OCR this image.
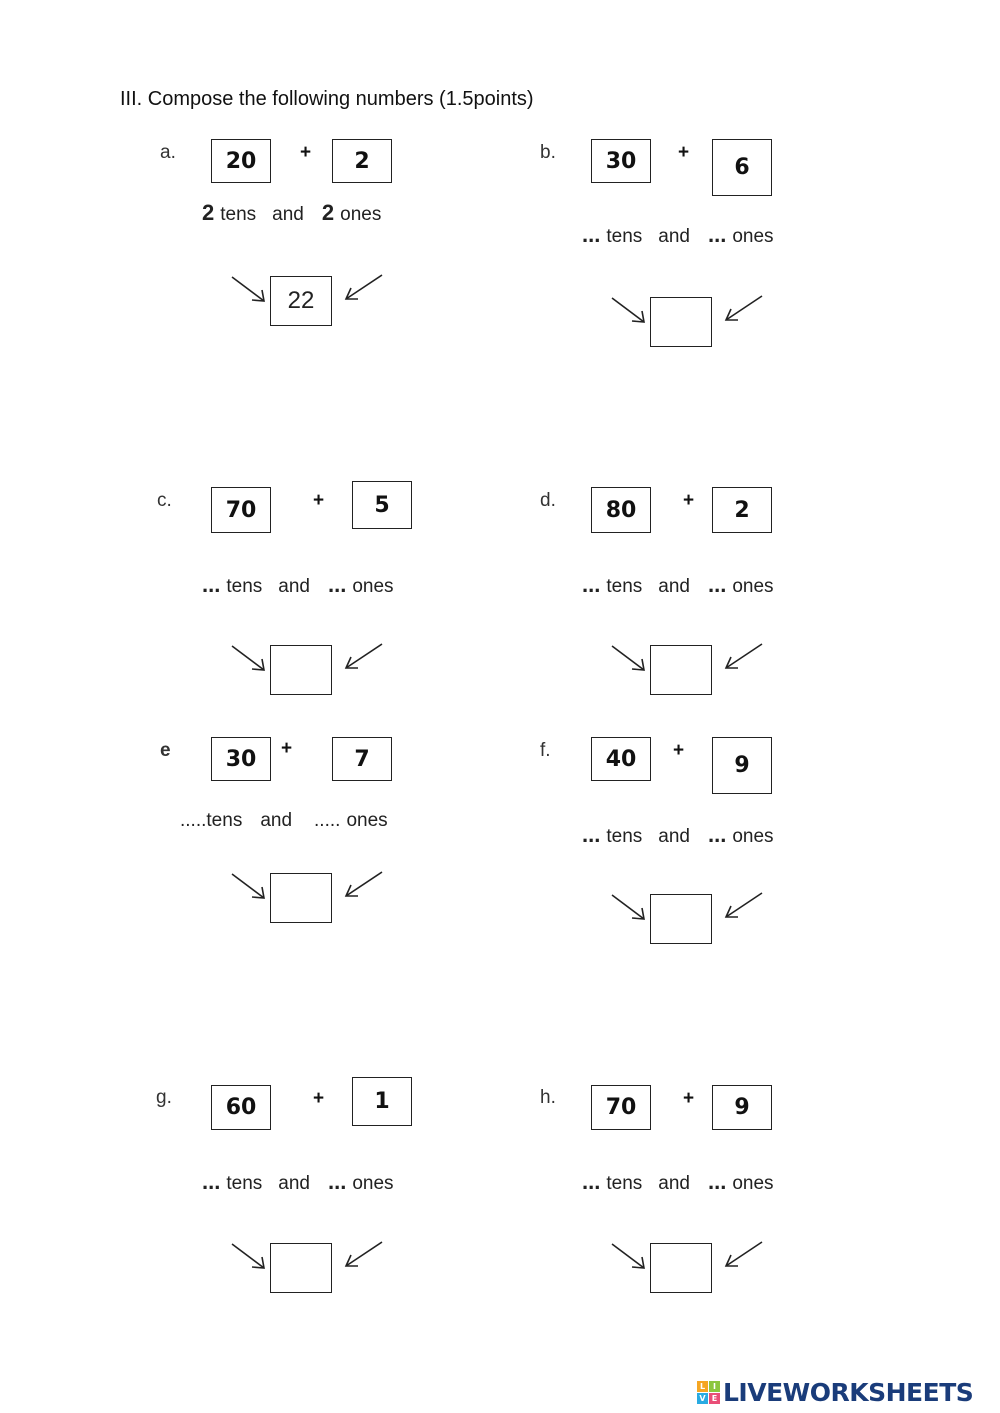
III. Compose the following numbers (1.5points)
a.	20	+	2
2 tens and 2 ones
22
b.	30	+
6
... tens and ... ones
c.	70	+	5
... tens and ... ones
d.	80	+	2
... tens and ... ones
e	30	+	7
..... tens and ..... ones
f.	40	+
9
... tens and ... ones
g.	60	+	1
... tens and ... ones
h.	70	+	9
... tens and ... ones
L I
V E LIVEWORKSHEETS
